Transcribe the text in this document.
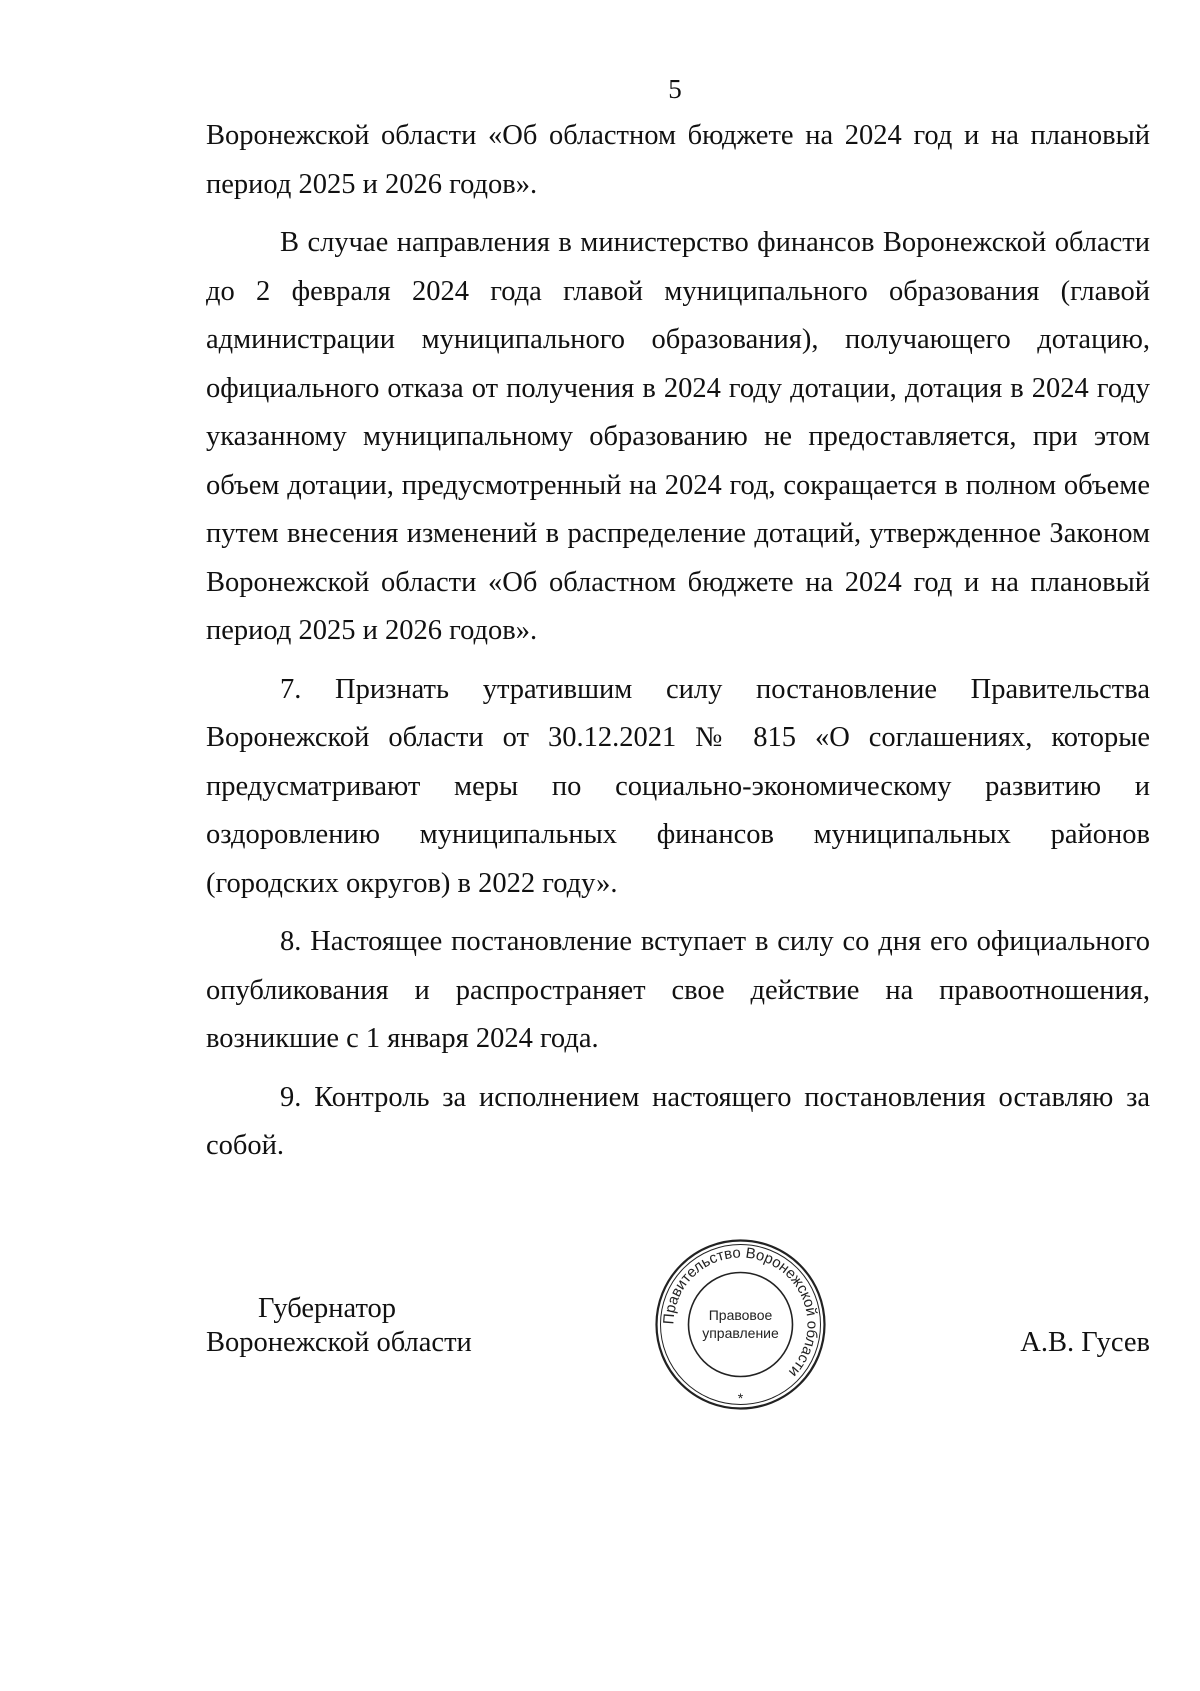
5

Воронежской области «Об областном бюджете на 2024 год и на плановый период 2025 и 2026 годов».

В случае направления в министерство финансов Воронежской области до 2 февраля 2024 года главой муниципального образования (главой администрации муниципального образования), получающего дотацию, официального отказа от получения в 2024 году дотации, дотация в 2024 году указанному муниципальному образованию не предоставляется, при этом объем дотации, предусмотренный на 2024 год, сокращается в полном объеме путем внесения изменений в распределение дотаций, утвержденное Законом Воронежской области «Об областном бюджете на 2024 год и на плановый период 2025 и 2026 годов».

7. Признать утратившим силу постановление Правительства Воронежской области от 30.12.2021 № 815 «О соглашениях, которые предусматривают меры по социально-экономическому развитию и оздоровлению муниципальных финансов муниципальных районов (городских округов) в 2022 году».

8. Настоящее постановление вступает в силу со дня его официального опубликования и распространяет свое действие на правоотношения, возникшие с 1 января 2024 года.

9. Контроль за исполнением настоящего постановления оставляю за собой.

Губернатор
Воронежской области	А.В. Гусев
Правительство Воронежской области
Правовое
управление
*
